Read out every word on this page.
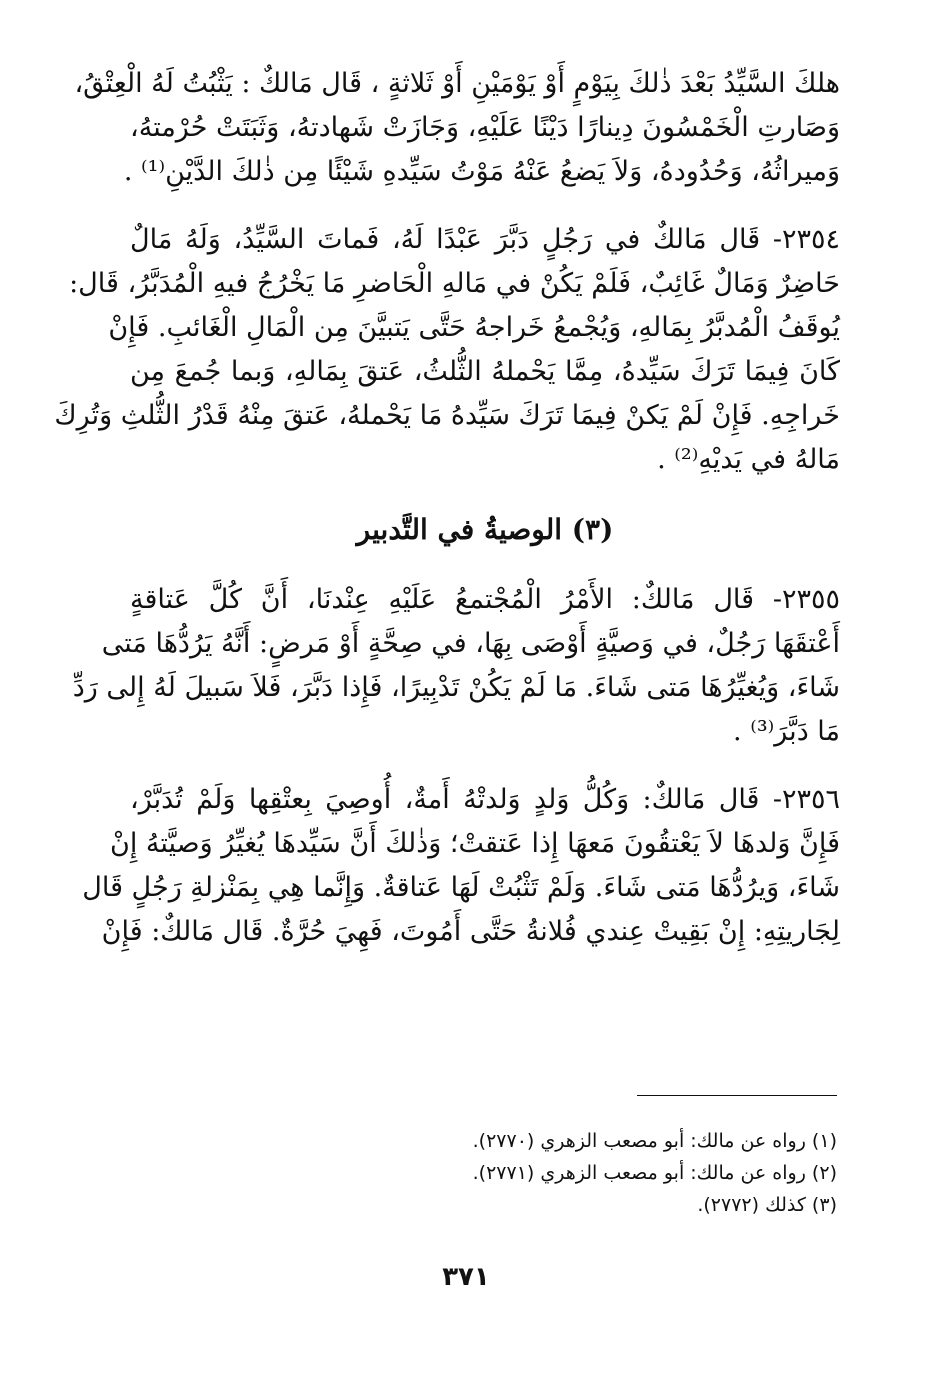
هلكَ السَّيِّدُ بَعْدَ ذٰلكَ بِيَوْمٍ أَوْ يَوْمَيْنِ أَوْ ثَلاثةٍ ، قَال مَالكٌ : يَثْبُتُ لَهُ الْعِتْقُ،
وَصَارتِ الْخَمْسُونَ دِينارًا دَيْنًا عَلَيْهِ، وَجَازَتْ شَهادتهُ، وَثَبَتَتْ حُرْمتهُ،
وَميراثُهُ، وَحُدُودهُ، وَلاَ يَضعُ عَنْهُ مَوْتُ سَيِّدهِ شَيْئًا مِن ذٰلكَ الدَّيْنِ⁽¹⁾ .
٢٣٥٤- قَال مَالكٌ في رَجُلٍ دَبَّرَ عَبْدًا لَهُ، فَماتَ السَّيِّدُ، وَلَهُ مَالٌ
حَاضِرٌ وَمَالٌ غَائِبٌ، فَلَمْ يَكُنْ في مَالهِ الْحَاضرِ مَا يَخْرُجُ فيهِ الْمُدَبَّرُ، قَال:
يُوقَفُ الْمُدبَّرُ بِمَالهِ، وَيُجْمعُ خَراجهُ حَتَّى يَتبيَّنَ مِن الْمَالِ الْغَائبِ. فَإِنْ
كَانَ فِيمَا تَرَكَ سَيِّدهُ، مِمَّا يَحْملهُ الثُّلثُ، عَتقَ بِمَالهِ، وَبما جُمعَ مِن
خَراجِهِ. فَإِنْ لَمْ يَكنْ فِيمَا تَرَكَ سَيِّدهُ مَا يَحْملهُ، عَتقَ مِنْهُ قَدْرُ الثُّلثِ وَتُرِكَ
مَالهُ في يَديْهِ⁽²⁾ .
(٣) الوصيةُ في التَّدبير
٢٣٥٥- قَال مَالكٌ: الأَمْرُ الْمُجْتمعُ عَلَيْهِ عِنْدنَا، أَنَّ كُلَّ عَتاقةٍ
أَعْتقَهَا رَجُلٌ، في وَصيَّةٍ أَوْصَى بِهَا، في صِحَّةٍ أَوْ مَرضٍ: أَنَّهُ يَرُدُّهَا مَتى
شَاءَ، وَيُغيِّرُهَا مَتى شَاءَ. مَا لَمْ يَكُنْ تَدْبِيرًا، فَإِذا دَبَّرَ، فَلاَ سَبيلَ لَهُ إِلى رَدِّ
مَا دَبَّرَ⁽³⁾ .
٢٣٥٦- قَال مَالكٌ: وَكُلُّ وَلدٍ وَلدتْهُ أَمةٌ، أُوصِيَ بِعتْقِها وَلَمْ تُدَبَّرْ،
فَإِنَّ وَلدهَا لاَ يَعْتقُونَ مَعهَا إِذا عَتقتْ؛ وَذٰلكَ أَنَّ سَيِّدهَا يُغيِّرُ وَصيَّتهُ إِنْ
شَاءَ، وَيرُدُّهَا مَتى شَاءَ. وَلَمْ تَثْبُتْ لَهَا عَتاقةٌ. وَإِنَّما هِي بِمَنْزلةِ رَجُلٍ قَال
لِجَاريتِهِ: إِنْ بَقِيتْ عِندي فُلانةُ حَتَّى أَمُوتَ، فَهِيَ حُرَّةٌ. قَال مَالكٌ: فَإِنْ
(١) رواه عن مالك: أبو مصعب الزهري (٢٧٧٠).
(٢) رواه عن مالك: أبو مصعب الزهري (٢٧٧١).
(٣) كذلك (٢٧٧٢).
٣٧١
